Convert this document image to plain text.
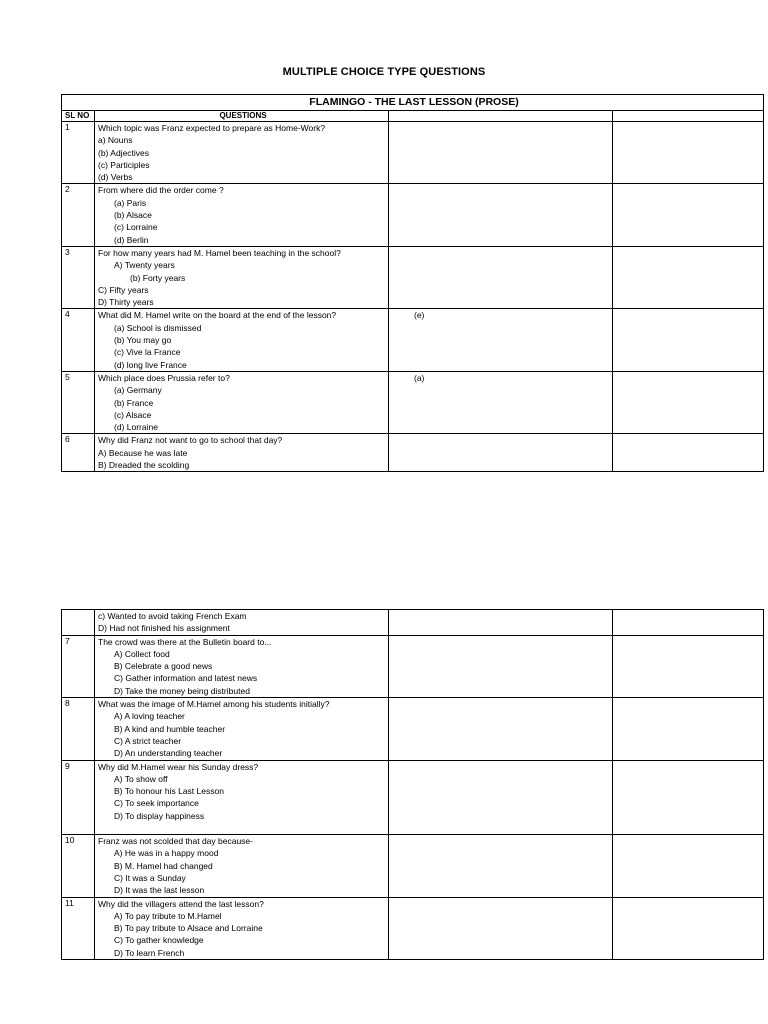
MULTIPLE CHOICE TYPE QUESTIONS
FLAMINGO - THE LAST LESSON (PROSE)			
SL NO	QUESTIONS		
1	Which topic was Franz expected to prepare as Home-Work?
a) Nouns
(b) Adjectives
(c) Participles
(d) Verbs		

2	From where did the order come ?
(a) Paris
(b) Alsace
(c) Lorraine
(d) Berlin		

3	For how many years had M. Hamel been teaching in the school?
A) Twenty years
(b) Forty years
C) Fifty years
D) Thirty years		

4	What did M. Hamel write on the board at the end of the lesson?
(a) School is dismissed
(b) You may go
(c) Vive la France
(d) long live France	(e)	

5	Which place does Prussia refer to?
(a) Germany
(b) France
(c) Alsace
(d) Lorraine	(a)	

6	Why did Franz not want to go to school that day?
A) Because he was late
B) Dreaded the scolding		

	c) Wanted to avoid taking French Exam
D) Had not finished his assignment		

7	The crowd was there at the Bulletin board to...
A) Collect food
B) Celebrate a good news
C) Gather information and latest news
D) Take the money being distributed		

8	What was the image of M.Hamel among his students initially?
A) A loving teacher
B) A kind and humble teacher
C) A strict teacher
D) An understanding teacher		

9	Why did M.Hamel wear his Sunday dress?
A) To show off
B) To honour his Last Lesson
C) To seek importance
D) To display happiness		

10	Franz was not scolded that day because-
A) He was in a happy mood
B) M. Hamel had changed
C) It was a Sunday
D) It was the last lesson		

11	Why did the villagers attend the last lesson?
A) To pay tribute to M.Hamel
B) To pay tribute to Alsace and Lorraine
C) To gather knowledge
D) To learn French		
